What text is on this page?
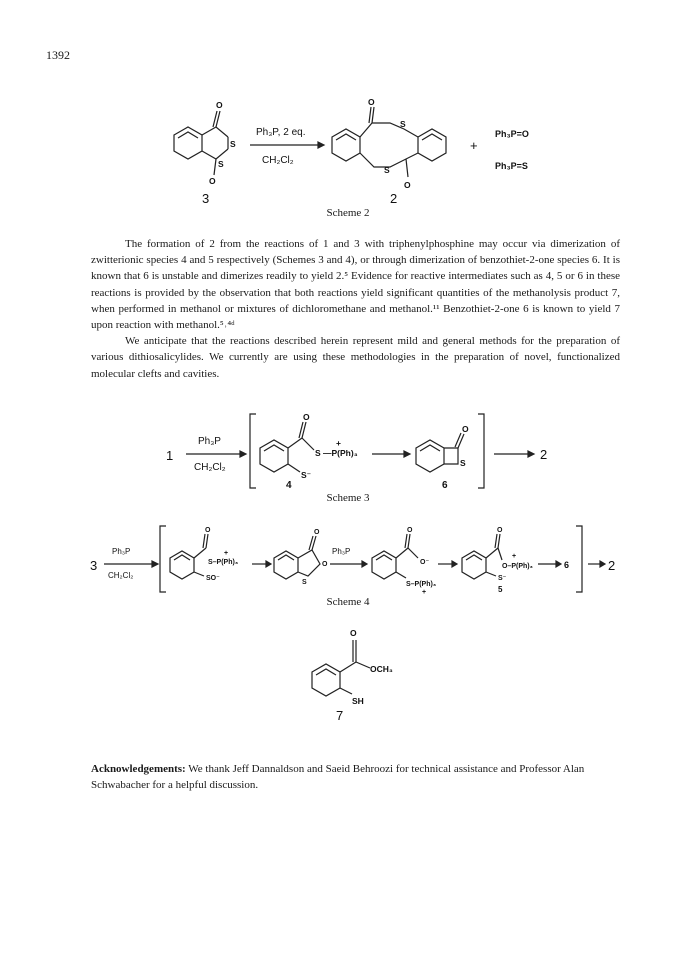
1392
O
S
S
O
3
Ph₃P, 2 eq.
CH₂Cl₂
O
S
S
O
2
+
Ph₃P=O
Ph₃P=S
Scheme 2

The formation of 2 from the reactions of 1 and 3 with triphenylphosphine may occur via dimerization of zwitterionic species 4 and 5 respectively (Schemes 3 and 4), or through dimerization of benzothiet-2-one species 6. It is known that 6 is unstable and dimerizes readily to yield 2.⁵ Evidence for reactive intermediates such as 4, 5 or 6 in these reactions is provided by the observation that both reactions yield significant quantities of the methanolysis product 7, when performed in methanol or mixtures of dichloromethane and methanol.¹¹ Benzothiet-2-one 6 is known to yield 7 upon reaction with methanol.⁵˒⁴ᵈ

We anticipate that the reactions described herein represent mild and general methods for the preparation of various dithiosalicylides. We currently are using these methodologies in the preparation of novel, functionalized molecular clefts and cavities.

1
Ph₃P
CH₂Cl₂
O
S —P(Ph)₃
+
S⁻
4
O
S
6
2
Scheme 3
3
Ph₃P
CH₂Cl₂
O
S–P(Ph)₃
+
SO⁻
O
O
S
Ph₃P
O
O⁻
S–P(Ph)₃
+
O
O–P(Ph)₃
+
S⁻
5
6	2
Scheme 4
O
OCH₃
SH
7
Acknowledgements: We thank Jeff Dannaldson and Saeid Behroozi for technical assistance and Professor Alan Schwabacher for a helpful discussion.
